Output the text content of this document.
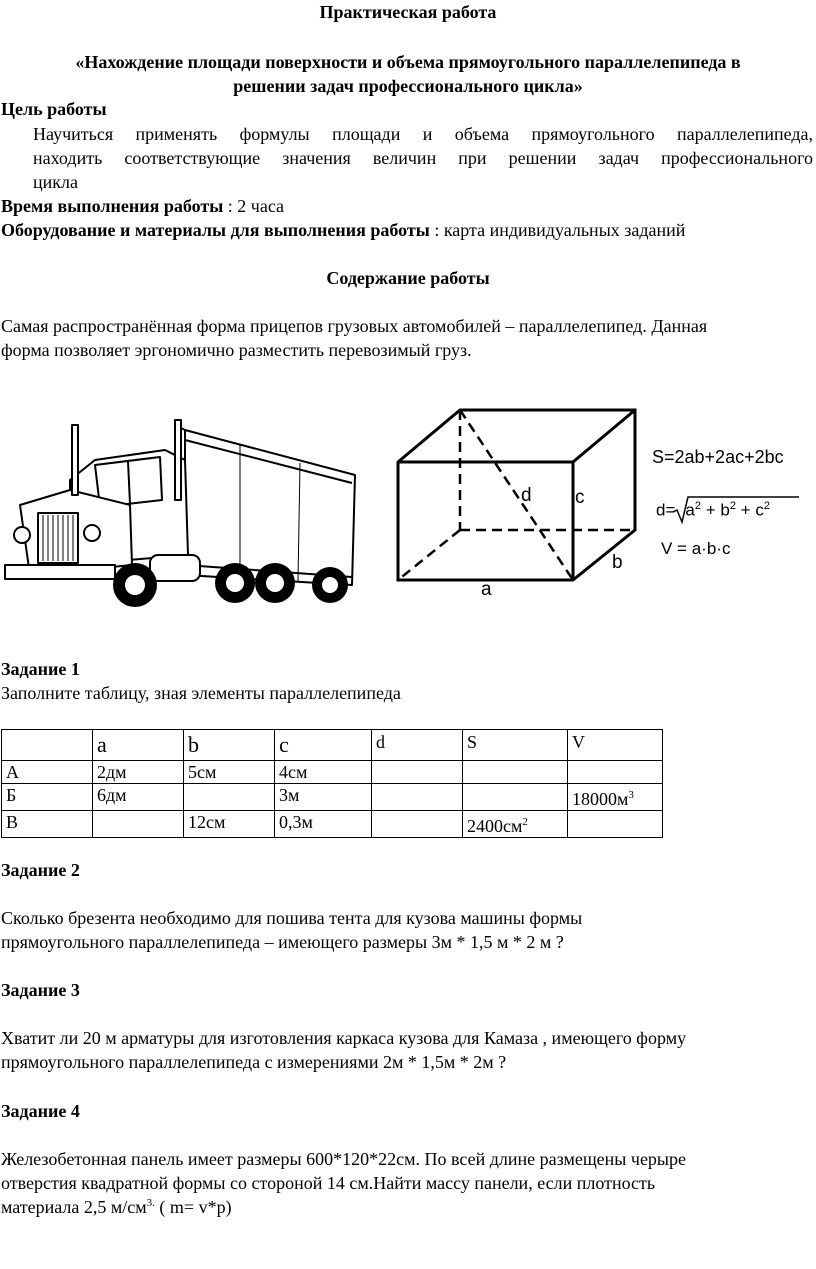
Практическая работа
«Нахождение площади поверхности и объема прямоугольного параллелепипеда в
решении задач профессионального цикла»
Цель работы
Научиться применять формулы площади и объема прямоугольного параллелепипеда,
находить соответствующие значения величин при решении задач профессионального
цикла
Время выполнения работы : 2 часа
Оборудование и материалы для выполнения работы : карта индивидуальных заданий
Содержание работы
Самая распространённая форма прицепов грузовых автомобилей – параллелепипед. Данная
форма позволяет эргономично разместить перевозимый груз.
a
b
c
d
S=2ab+2ac+2bc
$d= a^2 + b^2 + c^2$
V = a·b·c
Задание 1
Заполните таблицу, зная элементы параллелепипеда
	a	b	c	d	S	V
А	2дм	5см	4см			
Б	6дм		3м			$18000м^3$
В		12см	0,3м		$2400см^2$	
Задание 2
Сколько брезента необходимо для пошива тента для кузова машины формы
прямоугольного параллелепипеда – имеющего размеры 3м * 1,5 м * 2 м ?
Задание 3
Хватит ли 20 м арматуры для изготовления каркаса кузова для Камаза , имеющего форму
прямоугольного параллелепипеда с измерениями 2м * 1,5м * 2м ?
Задание 4
Железобетонная панель имеет размеры 600*120*22см. По всей длине размещены черыре
отверстия квадратной формы со стороной 14 см.Найти массу панели, если плотность
материала 2,5 $м/см^{3.}$ ( m= v*p)
